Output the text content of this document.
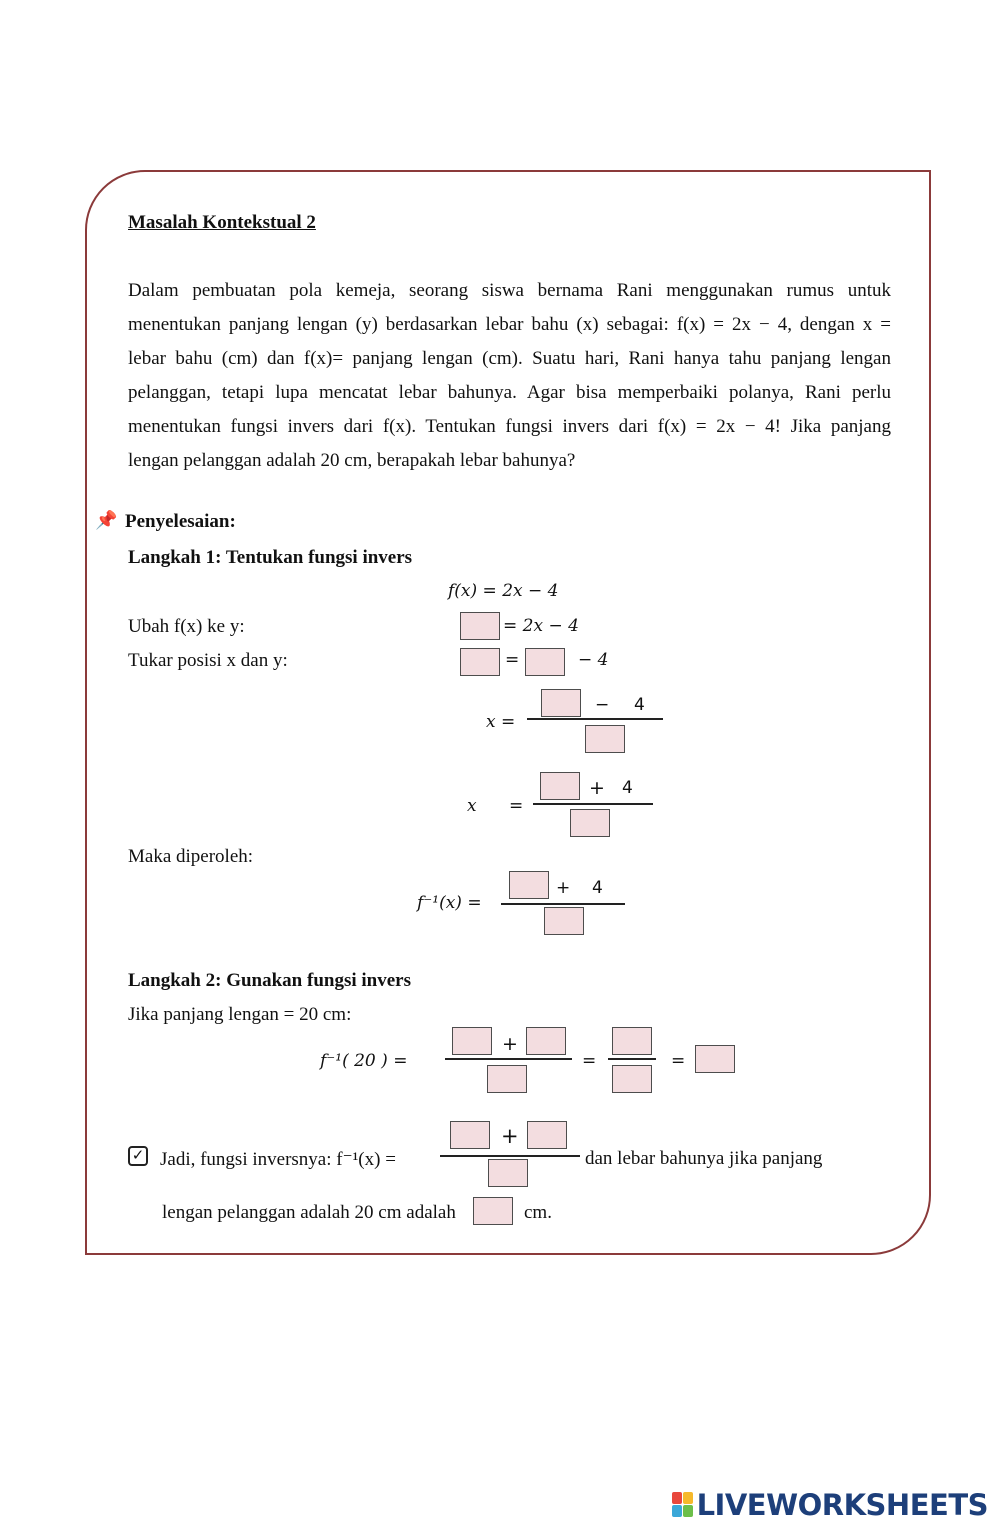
Masalah Kontekstual 2
Dalam pembuatan pola kemeja, seorang siswa bernama Rani menggunakan rumus untuk
menentukan panjang lengan (y) berdasarkan lebar bahu (x) sebagai: f(x) = 2x − 4, dengan x =
lebar bahu (cm) dan f(x)= panjang lengan (cm). Suatu hari, Rani hanya tahu panjang lengan
pelanggan, tetapi lupa mencatat lebar bahunya. Agar bisa memperbaiki polanya, Rani perlu
menentukan fungsi invers dari f(x). Tentukan fungsi invers dari f(x) = 2x − 4! Jika panjang
lengan pelanggan adalah 20 cm, berapakah lebar bahunya?
📌 Penyelesaian:
Langkah 1: Tentukan fungsi invers
f(x) = 2x − 4
Ubah f(x) ke y:	= 2x − 4
Tukar posisi x dan y:	=	− 4
x =
− 4
x =
+ 4
Maka diperoleh:
f⁻¹(x) =
+ 4
Langkah 2: Gunakan fungsi invers
Jika panjang lengan = 20 cm:
f⁻¹( 20 ) =
+
=	=
✓ Jadi, fungsi inversnya: f⁻¹(x) =
+
dan lebar bahunya jika panjang
lengan pelanggan adalah 20 cm adalah	cm.
LIVEWORKSHEETS
